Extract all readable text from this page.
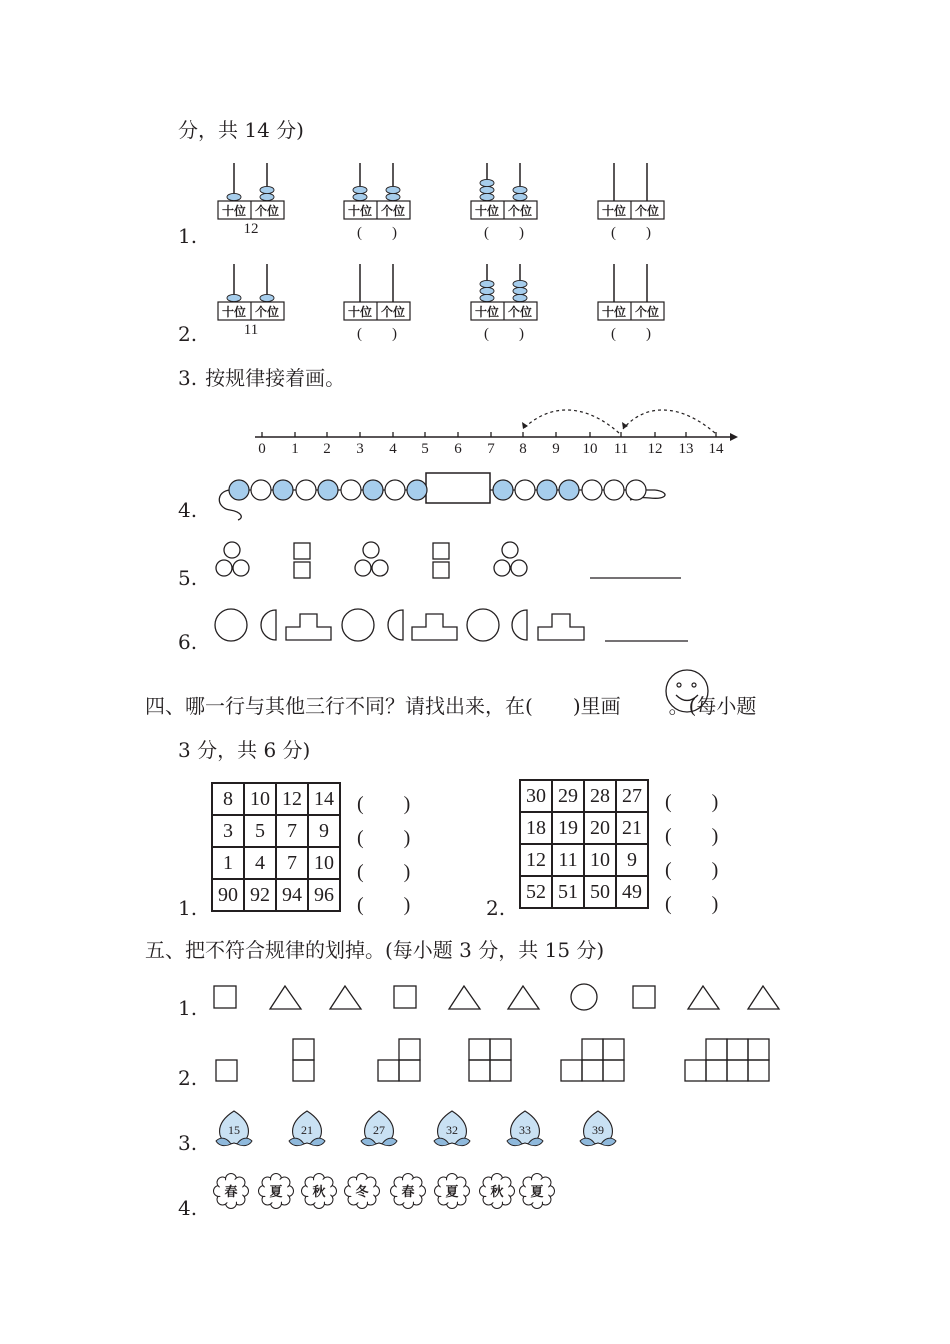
分，共 14 分)
1.
十位 个位
12
十位 个位
(　　)
十位 个位
(　　)
十位 个位
(　　)
2.
十位 个位
11
十位 个位
(　　)
十位 个位
(　　)
十位 个位
(　　)
3. 按规律接着画。
0 1 2 3 4 5 6 7 8 9 10 11 12 13 14
4.
5.
6.
四、哪一行与其他三行不同？请找出来，在( )里画 。(每小题
3 分，共 6 分)
1.
8	10	12	14
3	5	7	9
1	4	7	10
90	92	94	96
(　　)
(　　)
(　　)
(　　)	2.
30	29	28	27
18	19	20	21
12	11	10	9
52	51	50	49
(　　)
(　　)
(　　)
(　　)
五、把不符合规律的划掉。(每小题 3 分，共 15 分)
1.
2.
3.
15	21	27	32	33	39
4.
春 夏 秋 冬	春 夏 秋 夏
